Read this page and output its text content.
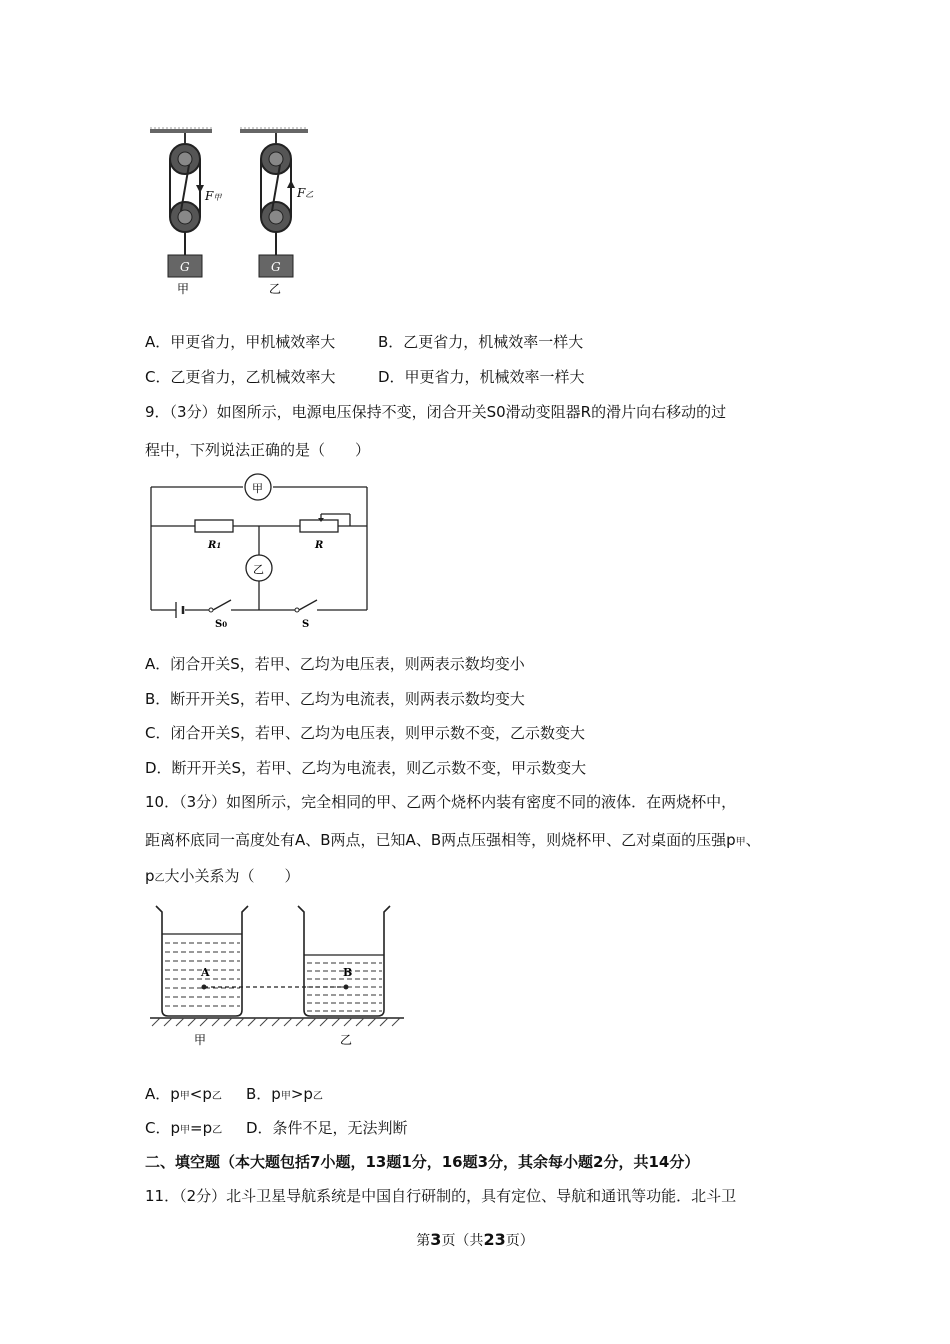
F甲
G
甲
F乙
G
乙
A．甲更省力，甲机械效率大	B．乙更省力，机械效率一样大
C．乙更省力，乙机械效率大	D．甲更省力，机械效率一样大
9．（3分）如图所示，电源电压保持不变，闭合开关S0滑动变阻器R的滑片向右移动的过
程中，下列说法正确的是（　　）
甲
乙
R1	R
S0	S
A．闭合开关S，若甲、乙均为电压表，则两表示数均变小
B．断开开关S，若甲、乙均为电流表，则两表示数均变大
C．闭合开关S，若甲、乙均为电压表，则甲示数不变，乙示数变大
D．断开开关S，若甲、乙均为电流表，则乙示数不变，甲示数变大
10．（3分）如图所示，完全相同的甲、乙两个烧杯内装有密度不同的液体．在两烧杯中，
距离杯底同一高度处有A、B两点，已知A、B两点压强相等，则烧杯甲、乙对桌面的压强p甲、
p乙大小关系为（　　）
A	B
甲	乙
A．p甲<p乙 B．p甲>p乙
C．p甲=p乙 D．条件不足，无法判断
二、填空题（本大题包括7小题，13题1分，16题3分，其余每小题2分，共14分）
11．（2分）北斗卫星导航系统是中国自行研制的，具有定位、导航和通讯等功能．北斗卫
第3页（共23页）
